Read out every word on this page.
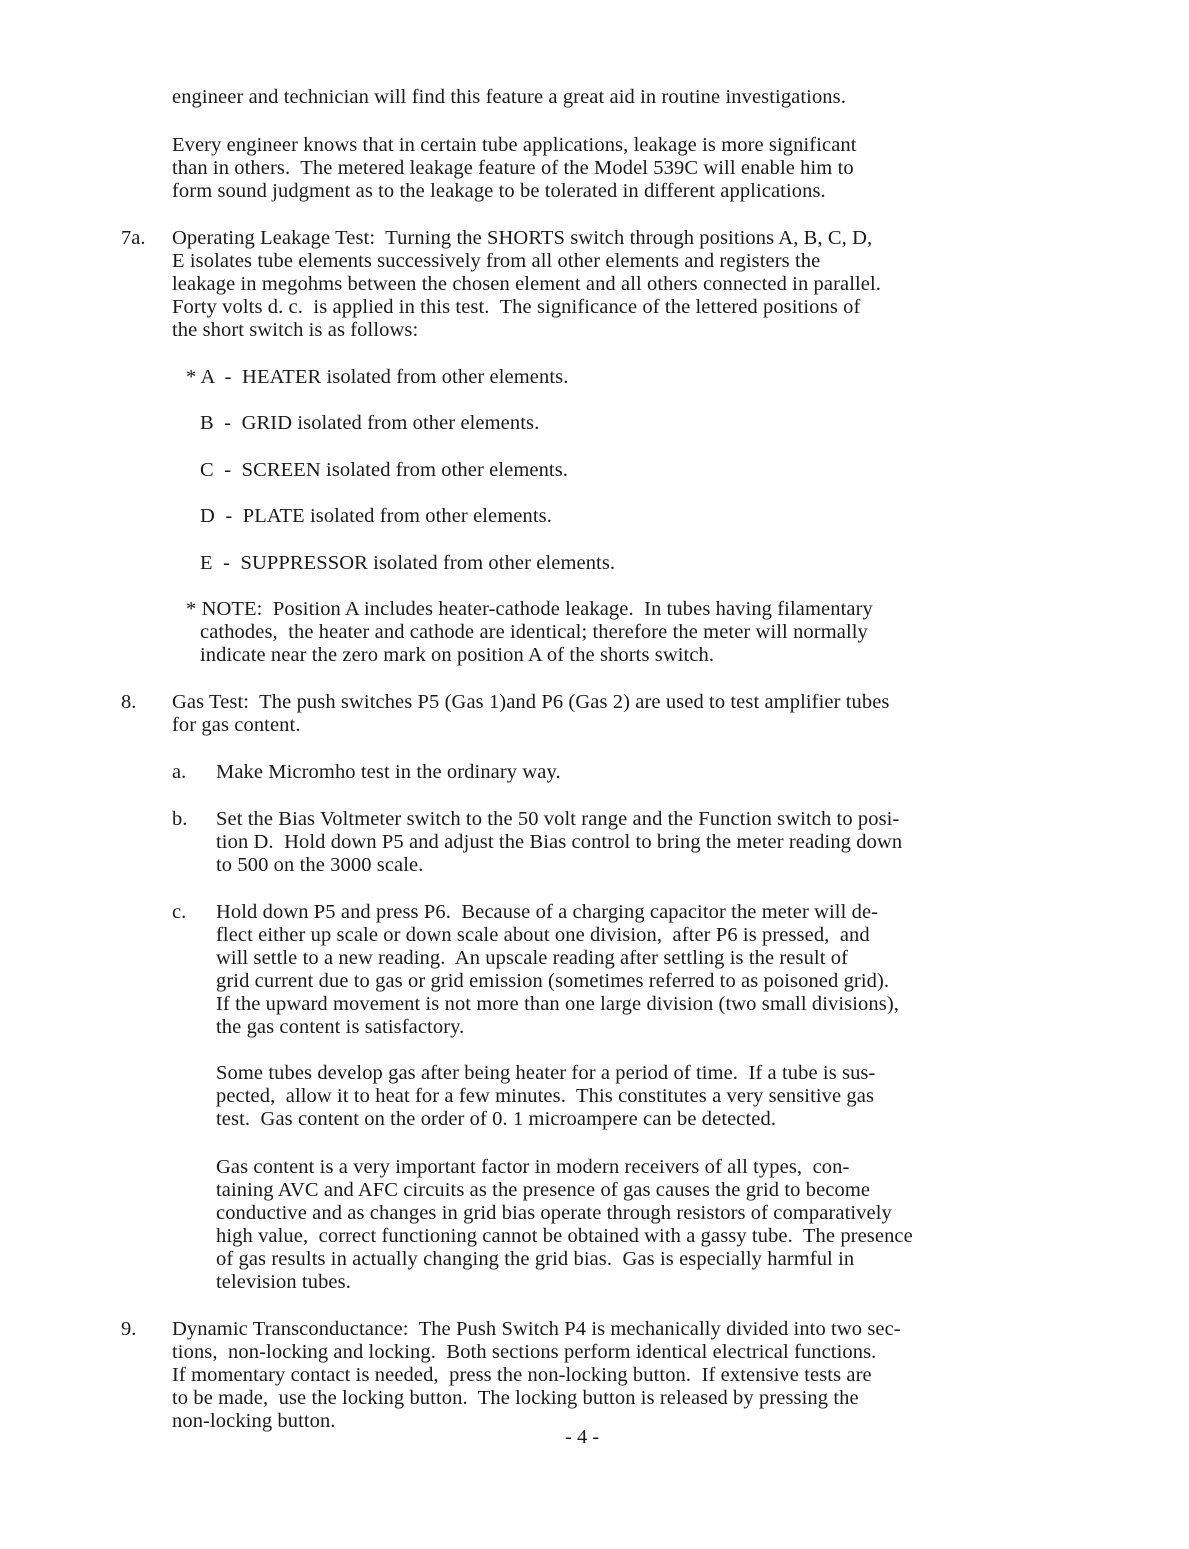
engineer and technician will find this feature a great aid in routine investigations.
Every engineer knows that in certain tube applications, leakage is more significant
than in others.  The metered leakage feature of the Model 539C will enable him to
form sound judgment as to the leakage to be tolerated in different applications.
7a. Operating Leakage Test:  Turning the SHORTS switch through positions A, B, C, D,
E isolates tube elements successively from all other elements and registers the
leakage in megohms between the chosen element and all others connected in parallel.
Forty volts d. c.  is applied in this test.  The significance of the lettered positions of
the short switch is as follows:
* A  -  HEATER isolated from other elements.
B  -  GRID isolated from other elements.
C  -  SCREEN isolated from other elements.
D  -  PLATE isolated from other elements.
E  -  SUPPRESSOR isolated from other elements.
* NOTE:  Position A includes heater-cathode leakage.  In tubes having filamentary
cathodes,  the heater and cathode are identical; therefore the meter will normally
indicate near the zero mark on position A of the shorts switch.
8. Gas Test:  The push switches P5 (Gas 1)and P6 (Gas 2) are used to test amplifier tubes
for gas content.
a. Make Micromho test in the ordinary way.
b. Set the Bias Voltmeter switch to the 50 volt range and the Function switch to posi-
tion D.  Hold down P5 and adjust the Bias control to bring the meter reading down
to 500 on the 3000 scale.
c. Hold down P5 and press P6.  Because of a charging capacitor the meter will de-
flect either up scale or down scale about one division,  after P6 is pressed,  and
will settle to a new reading.  An upscale reading after settling is the result of
grid current due to gas or grid emission (sometimes referred to as poisoned grid).
If the upward movement is not more than one large division (two small divisions),
the gas content is satisfactory.
Some tubes develop gas after being heater for a period of time.  If a tube is sus-
pected,  allow it to heat for a few minutes.  This constitutes a very sensitive gas
test.  Gas content on the order of 0. 1 microampere can be detected.
Gas content is a very important factor in modern receivers of all types,  con-
taining AVC and AFC circuits as the presence of gas causes the grid to become
conductive and as changes in grid bias operate through resistors of comparatively
high value,  correct functioning cannot be obtained with a gassy tube.  The presence
of gas results in actually changing the grid bias.  Gas is especially harmful in
television tubes.
9. Dynamic Transconductance:  The Push Switch P4 is mechanically divided into two sec-
tions,  non-locking and locking.  Both sections perform identical electrical functions.
If momentary contact is needed,  press the non-locking button.  If extensive tests are
to be made,  use the locking button.  The locking button is released by pressing the
non-locking button.
- 4 -
